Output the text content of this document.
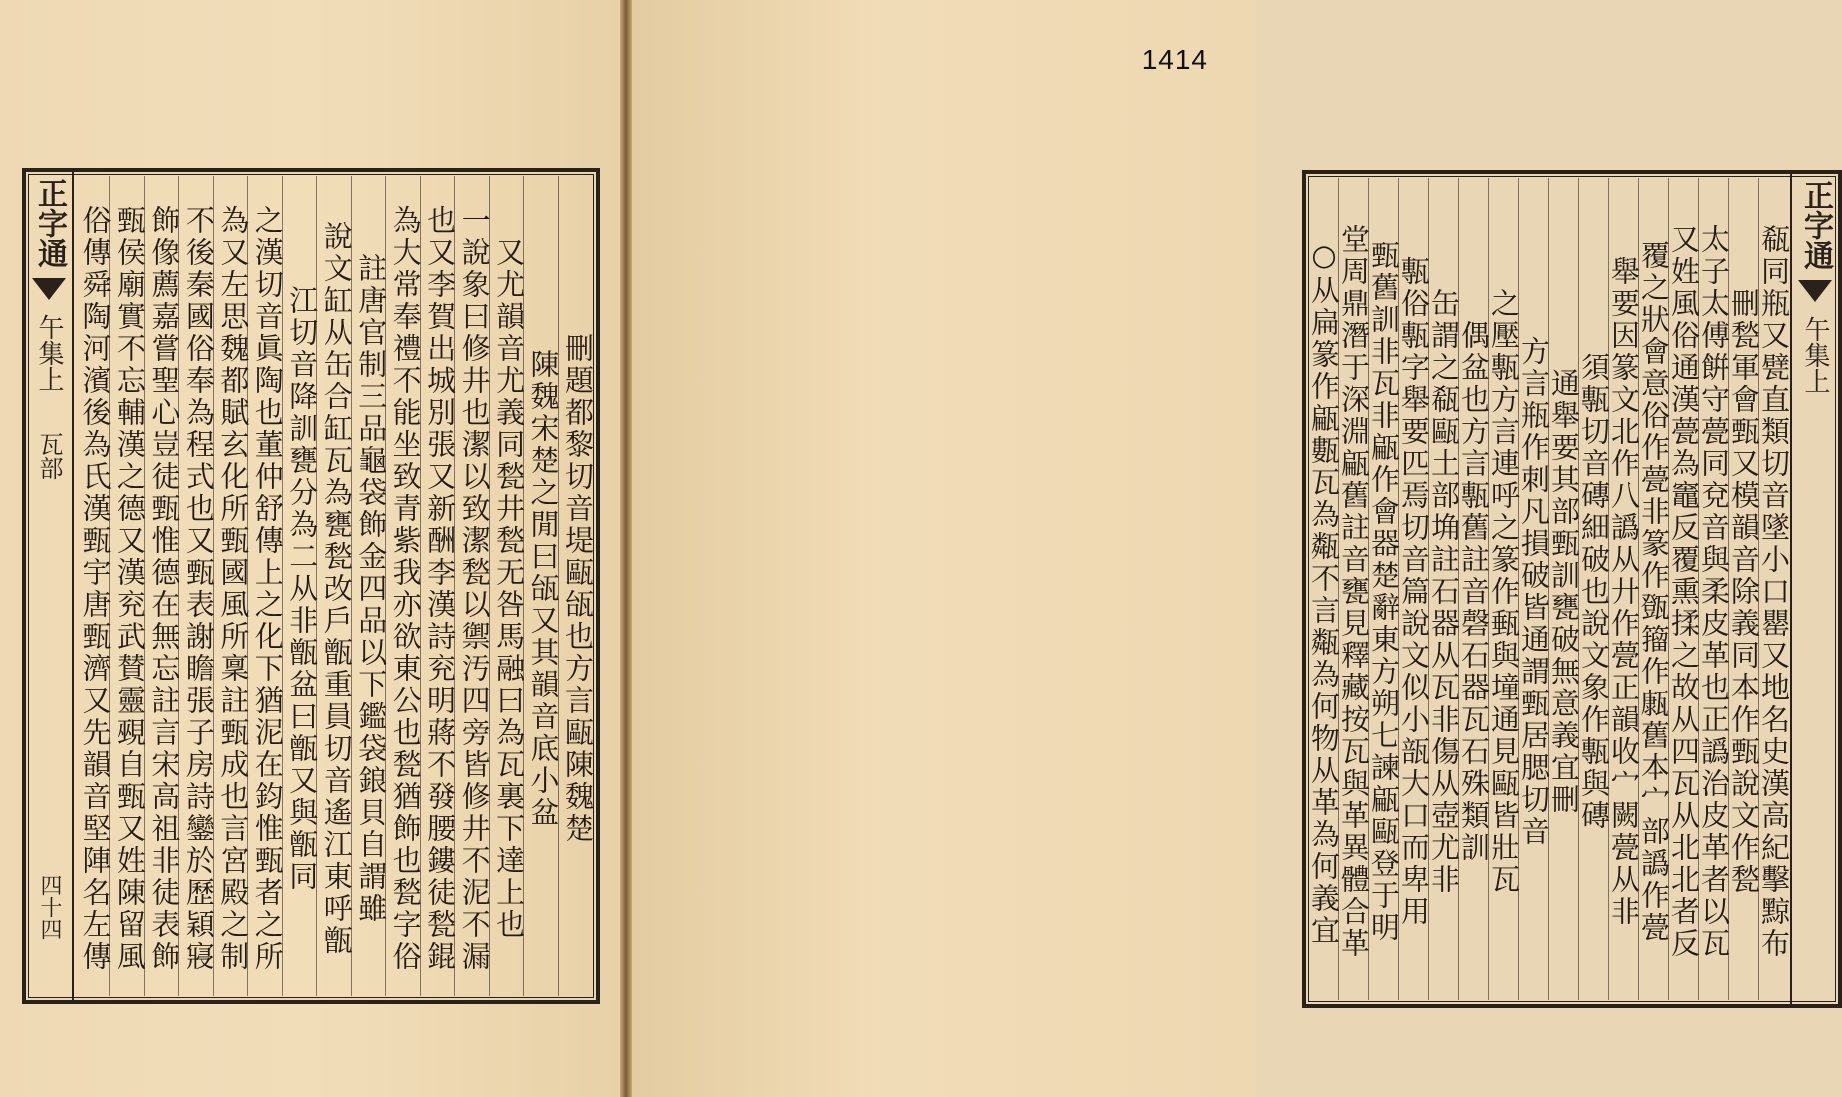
正字通
午集上
瓦部
四十四
刪題都黎切音堤甌瓵也方言甌陳魏楚
陳魏宋楚之閒曰瓵又其韻音底小盆
又尤韻音尤義同甃井甃无咎馬融曰為瓦裏下達上也
一說象曰修井也潔以致潔甃以禦汚四旁皆修井不泥不漏
也又李賀出城別張又新酬李漢詩兖明蔣不發腰鏤徒甃錕
為大常奉禮不能坐致青紫我亦欲東公也甃猶飾也甃字俗
註唐官制三品龜袋飾金四品以下鑑袋鋃貝自謂雖
說文缸从缶合缸瓦為甕甃改戶甑重員切音遙江東呼甑
江切音降訓甕分為二从非甑盆曰甑又與甑同
之漢切音眞陶也董仲舒傳上之化下猶泥在鈞惟甄者之所
為又左思魏都賦玄化所甄國風所稟註甄成也言宮殿之制
不後秦國俗奉為程式也又甄表謝瞻張子房詩鑾於歷穎寢
飾像薦嘉嘗聖心豈徒甄惟德在無忘註言宋高祖非徒表飾
甄侯廟實不忘輔漢之德又漢兖武賛靈覡自甄又姓陳留風
俗傳舜陶河濱後為氏漢甄宇唐甄濟又先韻音堅陣名左傳
1414
正字通
午集上
瓻同瓶又甓直類切音墜小口罌又地名史漢高紀擊黥布
刪甃軍會甄又模韻音除義同本作甄說文作甃
太子太傅餠守甍同兗音與柔皮革也正譌治皮革者以瓦
又姓風俗通漢甍為竈反覆熏揉之故从四瓦从北北者反
覆之狀會意俗作甍非篆作㽅籀作𤮊舊本宀部譌作甍
舉要因篆文北作八譌从廾作甍正韻收宀闕甍从非
須甎切音磚細破也說文象作甎與磚
通舉要其部甄訓甕破無意義宜刪
方言瓶作刺凡損破皆通謂甄居腮切音
之壓甎方言連呼之篆作甀與墥通見甌皆壯瓦
偶盆也方言甎舊註音磬石器瓦石殊類訓
缶謂之瓻甌土部埆註石器从瓦非傷从壺尤非
甎俗甎字舉要匹焉切音篇說文似小瓿大口而卑用
甄舊訓非瓦非甂作會器楚辭東方朔七諫甂甌登于明
堂周鼎潛于深淵甂舊註音甕見釋藏按瓦與革異體合革
○从扁篆作甂甊瓦為甐不言甐為何物从革為何義宜
